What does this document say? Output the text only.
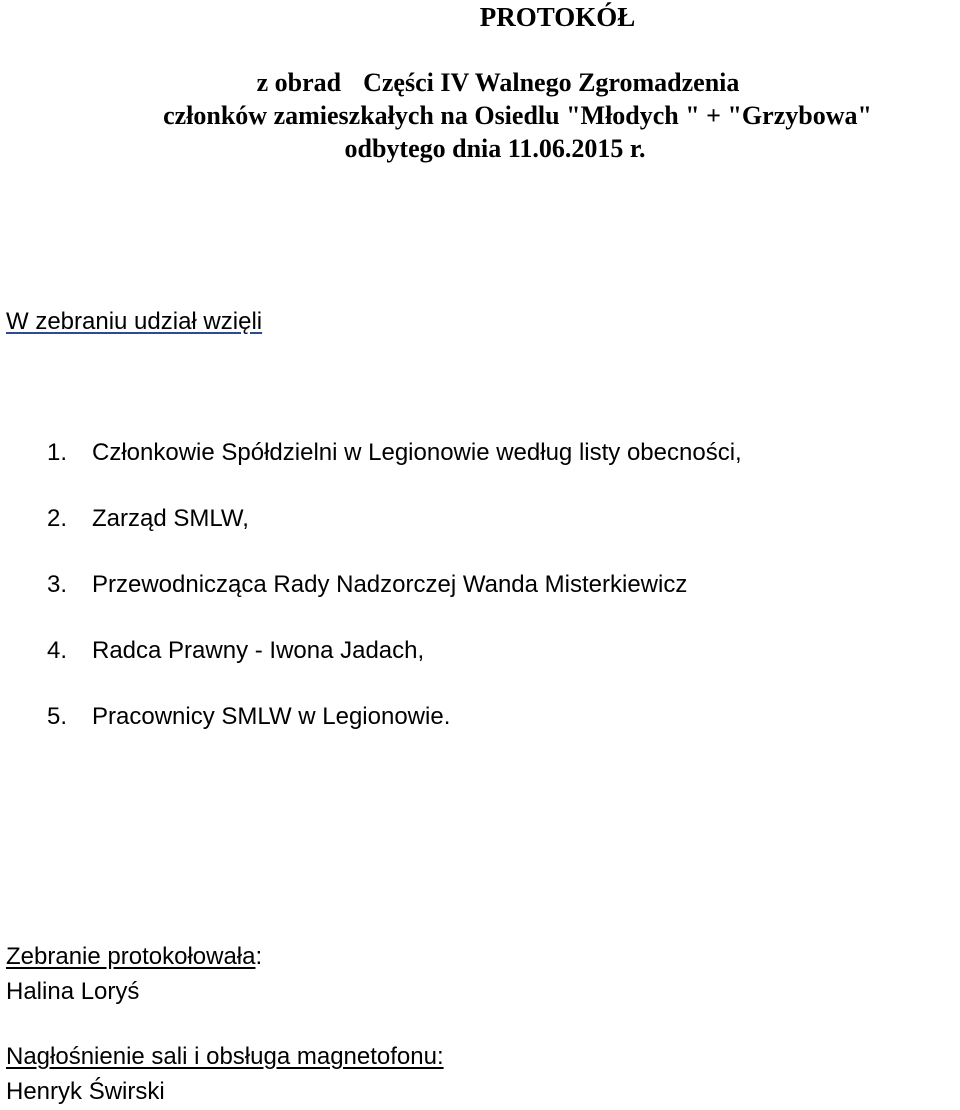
PROTOKÓŁ
z obrad Części IV Walnego Zgromadzenia
członków zamieszkałych na Osiedlu "Młodych " + "Grzybowa"
odbytego dnia 11.06.2015 r.
W zebraniu udział wzięli
1. Członkowie Spółdzielni w Legionowie według listy obecności,
2. Zarząd SMLW,
3. Przewodnicząca Rady Nadzorczej Wanda Misterkiewicz
4. Radca Prawny - Iwona Jadach,
5. Pracownicy SMLW w Legionowie.
Zebranie protokołowała:
Halina Loryś
Nagłośnienie sali i obsługa magnetofonu:
Henryk Świrski
